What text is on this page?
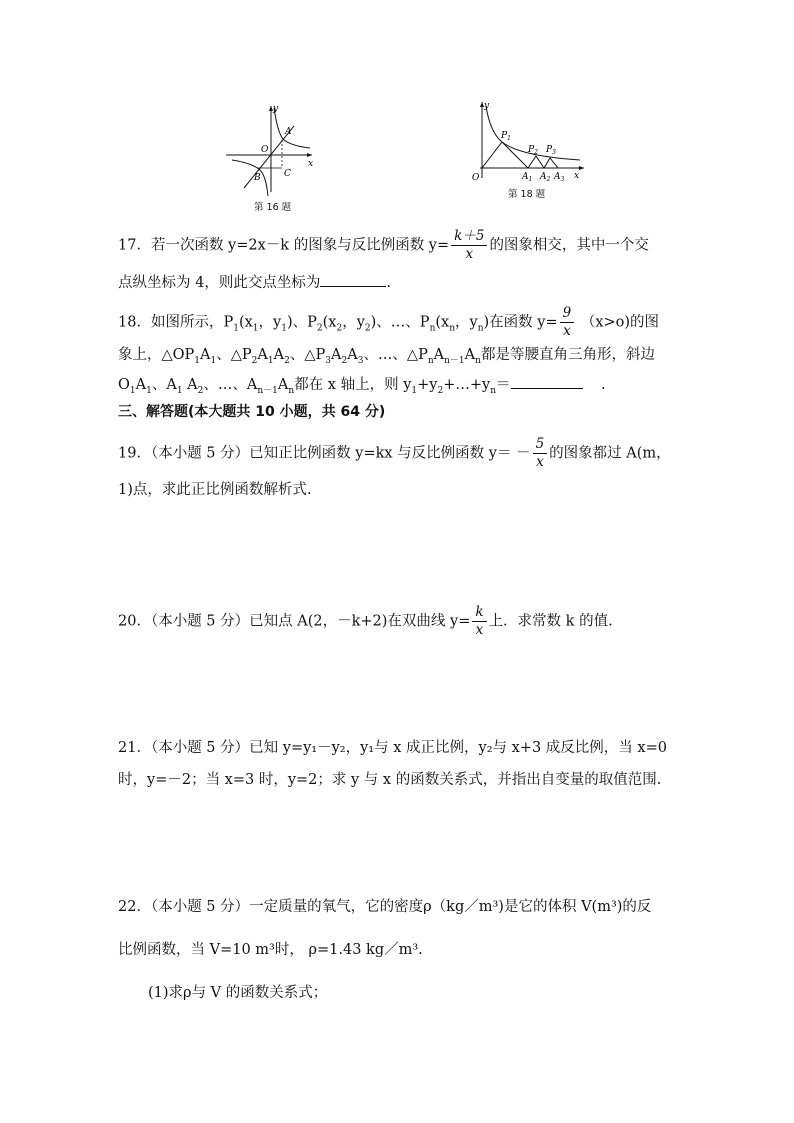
y
x
O
A
B	C
第 16 题
y
x
O
$P_1$
$P_2$ $P_3$
$A_1$ $A_2$ $A_3$
第 18 题
17．若一次函数 y=2x－k 的图象与反比例函数 $y= \frac{k+5}{x}$ 的图象相交，其中一个交
点纵坐标为 4，则此交点坐标为	.
18．如图所示，$P_1(x_1$，$y_1$)、$P_2(x_2$，$y_2$)、…、$P_n(x_n$，$y_n$)在函数 $y= \frac{9}{x} (x>o)$的图
象上，$\triangle OP_1A_1$、$\triangle P_2A_1A_2$、$\triangle P_3A_2A_3$、…、$\triangle P_nA_{n-1}A_n$都是等腰直角三角形，斜边
$O_1A_1$、$A_1$ $A_2$、…、$A_{n-1}A_n$都在 x 轴上，则 $y_1+y_2+\dots+y_n=$	.
三、解答题(本大题共 10 小题，共 64 分)
19．（本小题 5 分）已知正比例函数 y=kx 与反比例函数 $y= - \frac{5}{x}$ 的图象都过 A(m，
1)点，求此正比例函数解析式.
20．（本小题 5 分）已知点 A(2，－k+2)在双曲线 $y= \frac{k}{x}$ 上．求常数 k 的值.
21．（本小题 5 分）已知 y=y₁－y₂，y₁与 x 成正比例，y₂与 x+3 成反比例，当 x=0
时，y=－2；当 x=3 时，y=2；求 y 与 x 的函数关系式，并指出自变量的取值范围.
22．（本小题 5 分）一定质量的氧气，它的密度ρ（kg／m³)是它的体积 V(m³)的反
比例函数，当 V=10 m³时， ρ=1.43 kg／m³.
(1)求ρ与 V 的函数关系式；
